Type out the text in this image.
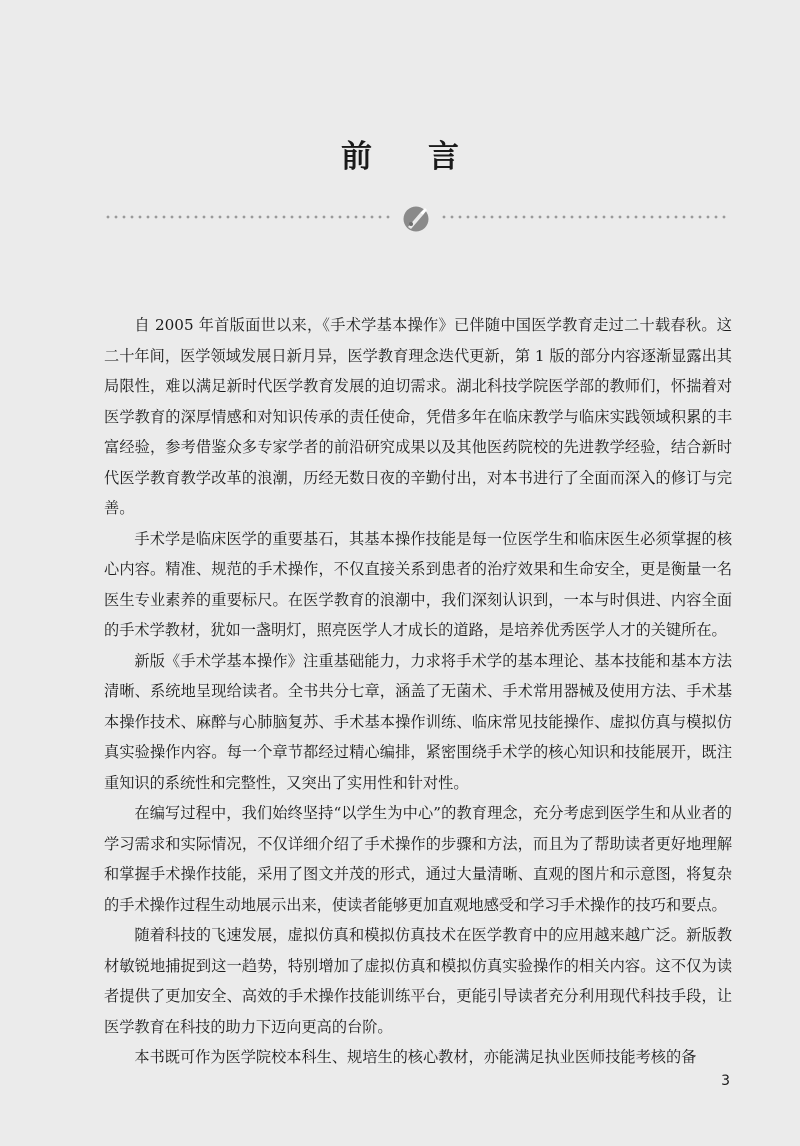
前言

自 2005 年首版面世以来，《手术学基本操作》已伴随中国医学教育走过二十载春秋。这二十年间，医学领域发展日新月异，医学教育理念迭代更新，第 1 版的部分内容逐渐显露出其局限性，难以满足新时代医学教育发展的迫切需求。湖北科技学院医学部的教师们，怀揣着对医学教育的深厚情感和对知识传承的责任使命，凭借多年在临床教学与临床实践领域积累的丰富经验，参考借鉴众多专家学者的前沿研究成果以及其他医药院校的先进教学经验，结合新时代医学教育教学改革的浪潮，历经无数日夜的辛勤付出，对本书进行了全面而深入的修订与完善。

手术学是临床医学的重要基石，其基本操作技能是每一位医学生和临床医生必须掌握的核心内容。精准、规范的手术操作，不仅直接关系到患者的治疗效果和生命安全，更是衡量一名医生专业素养的重要标尺。在医学教育的浪潮中，我们深刻认识到，一本与时俱进、内容全面的手术学教材，犹如一盏明灯，照亮医学人才成长的道路，是培养优秀医学人才的关键所在。

新版《手术学基本操作》注重基础能力，力求将手术学的基本理论、基本技能和基本方法清晰、系统地呈现给读者。全书共分七章，涵盖了无菌术、手术常用器械及使用方法、手术基本操作技术、麻醉与心肺脑复苏、手术基本操作训练、临床常见技能操作、虚拟仿真与模拟仿真实验操作内容。每一个章节都经过精心编排，紧密围绕手术学的核心知识和技能展开，既注重知识的系统性和完整性，又突出了实用性和针对性。

在编写过程中，我们始终坚持“以学生为中心”的教育理念，充分考虑到医学生和从业者的学习需求和实际情况，不仅详细介绍了手术操作的步骤和方法，而且为了帮助读者更好地理解和掌握手术操作技能，采用了图文并茂的形式，通过大量清晰、直观的图片和示意图，将复杂的手术操作过程生动地展示出来，使读者能够更加直观地感受和学习手术操作的技巧和要点。

随着科技的飞速发展，虚拟仿真和模拟仿真技术在医学教育中的应用越来越广泛。新版教材敏锐地捕捉到这一趋势，特别增加了虚拟仿真和模拟仿真实验操作的相关内容。这不仅为读者提供了更加安全、高效的手术操作技能训练平台，更能引导读者充分利用现代科技手段，让医学教育在科技的助力下迈向更高的台阶。

本书既可作为医学院校本科生、规培生的核心教材，亦能满足执业医师技能考核的备

3
